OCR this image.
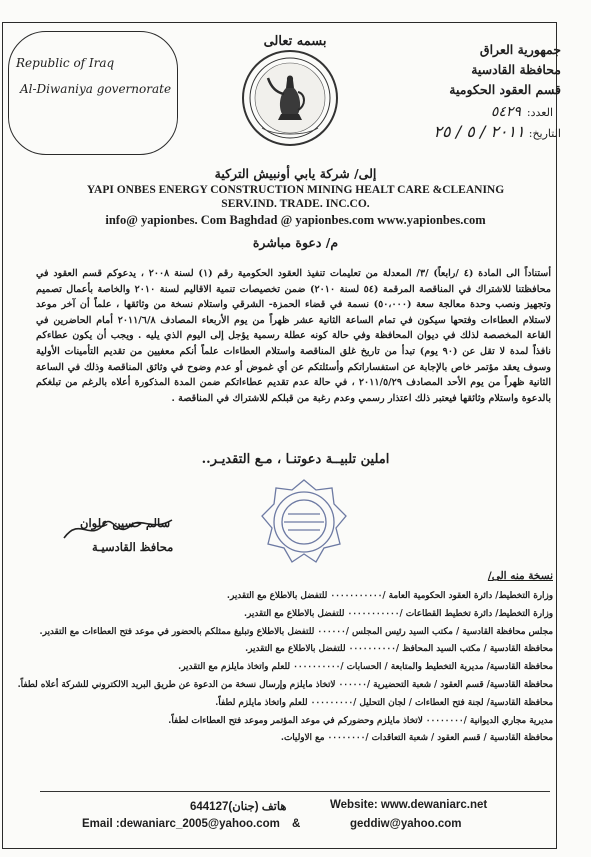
بسمه تعالى
جمهورية العراق
محافظة القادسية
قسم العقود الحكومية
Republic of Iraq
Al-Diwaniya governorate
العدد:٥٤٢٩
التاريخ:٢٠١١ / ٥ / ٢٥
إلى/ شركة يابي أونبيش التركية
YAPI ONBES ENERGY CONSTRUCTION MINING HEALT CARE &CLEANING
SERV.IND. TRADE. INC.CO.
info@ yapionbes. Com Baghdad @ yapionbes.com www.yapionbes.com
م/ دعوة مباشرة
أستناداً الى المادة (٤ /رابعاً) /٣/ المعدلة من تعليمات تنفيذ العقود الحكومية رقم (١) لسنة ٢٠٠٨ ، يدعوكم قسم العقود في محافظتنا للاشتراك في المناقصة المرقمة (٥٤ لسنة ٢٠١٠) ضمن تخصيصات تنمية الاقاليم لسنة ٢٠١٠ والخاصة بأعمال تصميم وتجهيز ونصب وحدة معالجة سعة (٥٠،٠٠٠) نسمة في قضاء الحمزة- الشرقي واستلام نسخة من وثائقها ، علماً أن آخر موعد لاستلام العطاءات وفتحها سيكون في تمام الساعة الثانية عشر ظهراً من يوم الأربعاء المصادف ٢٠١١/٦/٨ أمام الحاضرين في القاعة المخصصة لذلك في ديوان المحافظة وفي حالة كونه عطلة رسمية يؤجل إلى اليوم الذي يليه . ويجب أن يكون عطاءكم نافذاً لمدة لا تقل عن (٩٠ يوم) تبدأ من تاريخ غلق المناقصة واستلام العطاءات علماً أنكم معفيين من تقديم التأمينات الأولية وسوف يعقد مؤتمر خاص بالإجابة عن استفساراتكم وأسئلتكم عن أي غموض أو عدم وضوح في وثائق المناقصة وذلك في الساعة الثانية ظهراً من يوم الأحد المصادف ٢٠١١/٥/٢٩ ، في حالة عدم تقديم عطاءاتكم ضمن المدة المذكورة أعلاه بالرغم من تبلغكم بالدعوة واستلام وثائقها فيعتبر ذلك اعتذار رسمي وعدم رغبة من قبلكم للاشتراك في المناقصة .
املين تلبيــة دعوتنـا ، مـع التقديـر..
سالم حسين علوان
محافظ القادسيـة
نسخة منه الى/
وزارة التخطيط/ دائرة العقود الحكومية العامة /٠٠٠٠٠٠٠٠٠٠٠ للتفضل بالاطلاع مع التقدير.
وزارة التخطيط/ دائرة تخطيط القطاعات /٠٠٠٠٠٠٠٠٠٠٠ للتفضل بالاطلاع مع التقدير.
مجلس محافظة القادسية / مكتب السيد رئيس المجلس /٠٠٠٠٠٠ للتفضل بالاطلاع وتبليغ ممثلكم بالحضور في موعد فتح العطاءات مع التقدير.
محافظة القادسية / مكتب السيد المحافظ /٠٠٠٠٠٠٠٠٠٠ للتفضل بالاطلاع مع التقدير.
محافظة القادسية/ مديرية التخطيط والمتابعة / الحسابات /٠٠٠٠٠٠٠٠٠٠ للعلم واتخاذ مايلزم مع التقدير.
محافظة القادسية/ قسم العقود / شعبة التحضيرية /٠٠٠٠٠٠ لاتخاذ مايلزم وإرسال نسخة من الدعوة عن طريق البريد الالكتروني للشركة أعلاه لطفاً.
محافظة القادسية/ لجنة فتح العطاءات / لجان التحليل /٠٠٠٠٠٠٠٠٠ للعلم واتخاذ مايلزم لطفاً.
مديرية مجاري الديوانية /٠٠٠٠٠٠٠٠ لاتخاذ مايلزم وحضوركم في موعد المؤتمر وموعد فتح العطاءات لطفاً.
محافظة القادسية / قسم العقود / شعبة التعاقدات /٠٠٠٠٠٠٠٠ مع الاوليات.
644127هاتف (جنان)	Website: www.dewaniarc.net
Email :dewaniarc_2005@yahoo.com &	geddiw@yahoo.com
